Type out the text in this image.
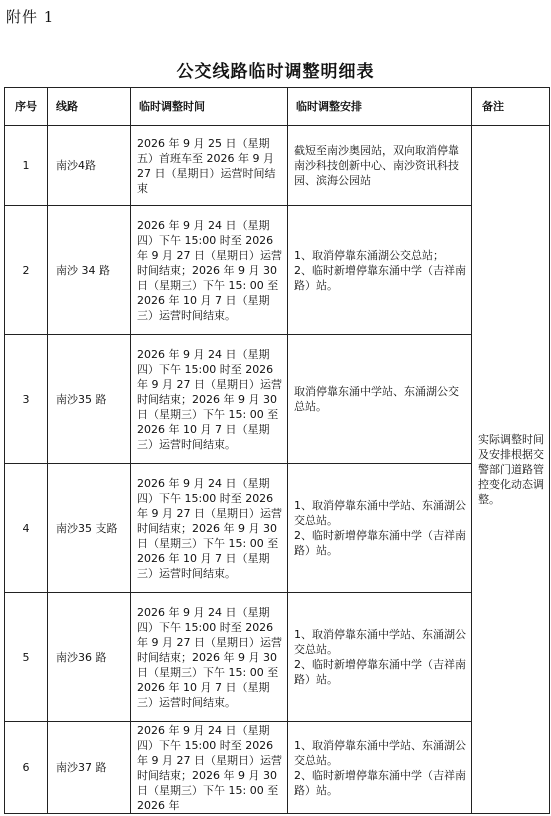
附件 1
公交线路临时调整明细表
序号	线路	临时调整时间	临时调整安排	备注
1	南沙4路	2026 年 9 月 25 日（星期五）首班车至 2026 年 9 月 27 日（星期日）运营时间结束	截短至南沙奥园站，双向取消停靠南沙科技创新中心、南沙资讯科技园、滨海公园站	实际调整时间及安排根据交警部门道路管控变化动态调整。
2	南沙 34 路	2026 年 9 月 24 日（星期四）下午 15:00 时至 2026 年 9 月 27 日（星期日）运营时间结束；2026 年 9 月 30 日（星期三）下午 15: 00 至 2026 年 10 月 7 日（星期三）运营时间结束。	1、取消停靠东涌湖公交总站；
2、临时新增停靠东涌中学（吉祥南路）站。	

3	南沙35 路	2026 年 9 月 24 日（星期四）下午 15:00 时至 2026 年 9 月 27 日（星期日）运营时间结束；2026 年 9 月 30 日（星期三）下午 15: 00 至 2026 年 10 月 7 日（星期三）运营时间结束。	取消停靠东涌中学站、东涌湖公交总站。	

4	南沙35 支路	2026 年 9 月 24 日（星期四）下午 15:00 时至 2026 年 9 月 27 日（星期日）运营时间结束；2026 年 9 月 30 日（星期三）下午 15: 00 至 2026 年 10 月 7 日（星期三）运营时间结束。	1、取消停靠东涌中学站、东涌湖公交总站。
2、临时新增停靠东涌中学（吉祥南路）站。	

5	南沙36 路	2026 年 9 月 24 日（星期四）下午 15:00 时至 2026 年 9 月 27 日（星期日）运营时间结束；2026 年 9 月 30 日（星期三）下午 15: 00 至 2026 年 10 月 7 日（星期三）运营时间结束。	1、取消停靠东涌中学站、东涌湖公交总站。
2、临时新增停靠东涌中学（吉祥南路）站。	

6	南沙37 路	2026 年 9 月 24 日（星期四）下午 15:00 时至 2026 年 9 月 27 日（星期日）运营时间结束；2026 年 9 月 30 日（星期三）下午 15: 00 至 2026 年	1、取消停靠东涌中学站、东涌湖公交总站。
2、临时新增停靠东涌中学（吉祥南路）站。	
